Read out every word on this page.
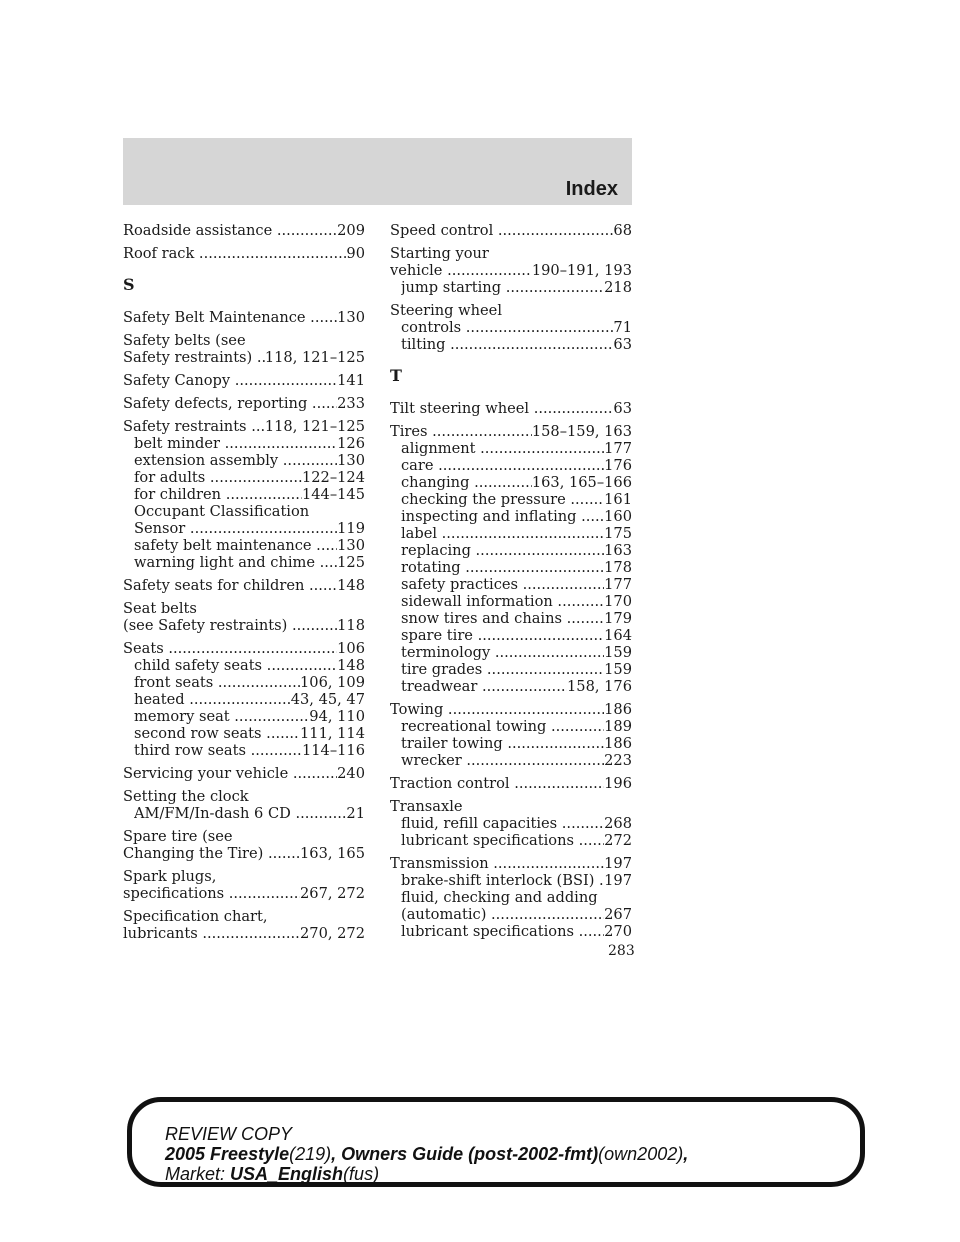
Index
Roadside assistance .....	209
Roof rack .....	90
S
Safety Belt Maintenance .....	130
Safety belts (see
Safety restraints) ..... 118, 121–125
Safety Canopy .....	141
Safety defects, reporting .....	233
Safety restraints .....	118, 121–125
belt minder .....	126
extension assembly .....	130
for adults .....	122–124
for children .....	144–145
Occupant Classification
Sensor .....	119
safety belt maintenance .....	130
warning light and chime .....	125
Safety seats for children .....	148
Seat belts
(see Safety restraints) .....	118
Seats .....	106
child safety seats .....	148
front seats .....	106, 109
heated .....	43, 45, 47
memory seat .....	94, 110
second row seats .....	111, 114
third row seats .....	114–116
Servicing your vehicle .....	240
Setting the clock
AM/FM/In-dash 6 CD .....	21
Spare tire (see
Changing the Tire) .....	163, 165
Spark plugs,
specifications .....	267, 272
Specification chart,
lubricants .....	270, 272
Speed control .....	68
Starting your
vehicle .....	190–191, 193
jump starting .....	218
Steering wheel
controls .....	71
tilting .....	63
T
Tilt steering wheel .....	63
Tires .....	158–159, 163
alignment .....	177
care .....	176
changing .....	163, 165–166
checking the pressure .....	161
inspecting and inflating .....	160
label .....	175
replacing .....	163
rotating .....	178
safety practices .....	177
sidewall information .....	170
snow tires and chains .....	179
spare tire .....	164
terminology .....	159
tire grades .....	159
treadwear .....	158, 176
Towing .....	186
recreational towing .....	189
trailer towing .....	186
wrecker .....	223
Traction control .....	196
Transaxle
fluid, refill capacities .....	268
lubricant specifications .....	272
Transmission .....	197
brake-shift interlock (BSI) ..... 197
fluid, checking and adding
(automatic) .....	267
lubricant specifications .....	270
283
REVIEW COPY
2005 Freestyle(219), Owners Guide (post-2002-fmt)(own2002),
Market: USA_English(fus)
